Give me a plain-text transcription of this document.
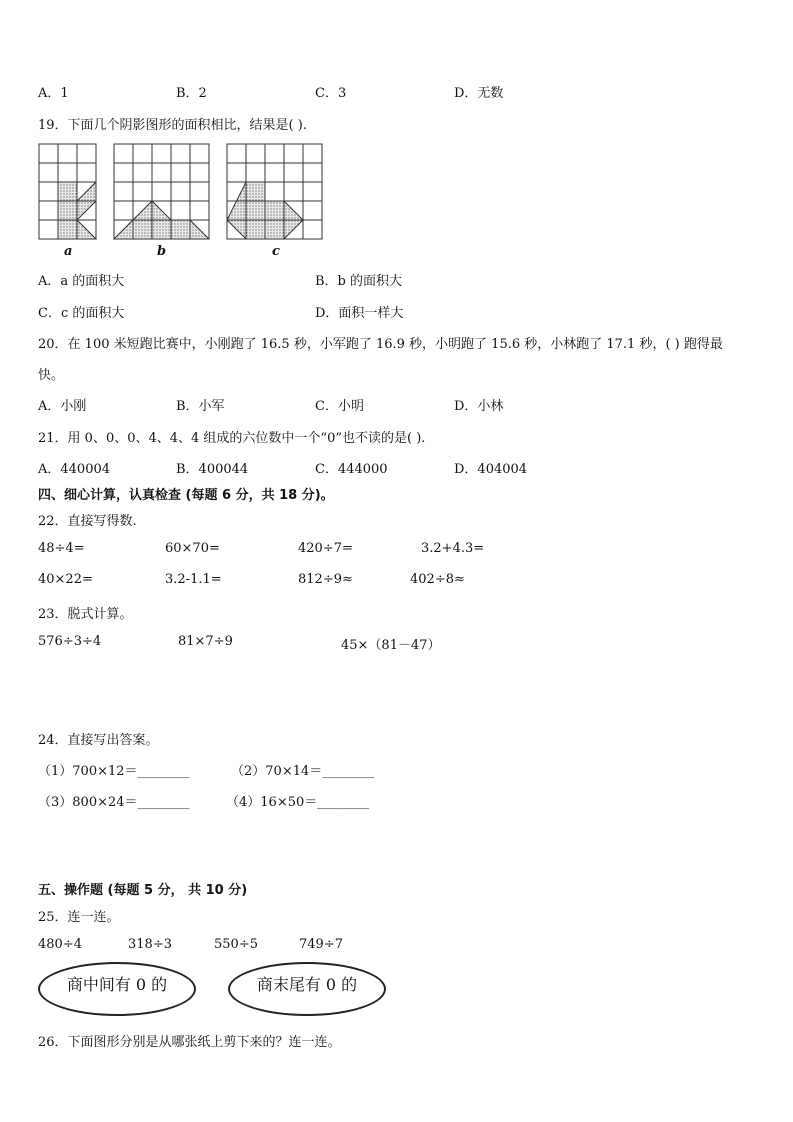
A．1	B．2	C．3	D．无数
19．下面几个阴影图形的面积相比，结果是( ).
a	b	c
A．a 的面积大	B．b 的面积大
C．c 的面积大	D．面积一样大
20．在 100 米短跑比赛中，小刚跑了 16.5 秒，小军跑了 16.9 秒，小明跑了 15.6 秒，小林跑了 17.1 秒，( ) 跑得最
快。
A．小刚	B．小军	C．小明	D．小林
21．用 0、0、0、4、4、4 组成的六位数中一个“0”也不读的是( ).
A．440004	B．400044	C．444000	D．404004
四、细心计算，认真检查 (每题 6 分，共 18 分)。
22．直接写得数.
48÷4=	60×70=	420÷7=	3.2+4.3=
40×22=	3.2-1.1=	812÷9≈	402÷8≈
23．脱式计算。
576÷3÷4	81×7÷9	45×（81－47）
24．直接写出答案。
（1）700×12＝________	（2）70×14＝________
（3）800×24＝________	（4）16×50＝________
五、操作题 (每题 5 分， 共 10 分)
25．连一连。
480÷4	318÷3	550÷5	749÷7
商中间有 0 的	商末尾有 0 的
26．下面图形分别是从哪张纸上剪下来的？连一连。
